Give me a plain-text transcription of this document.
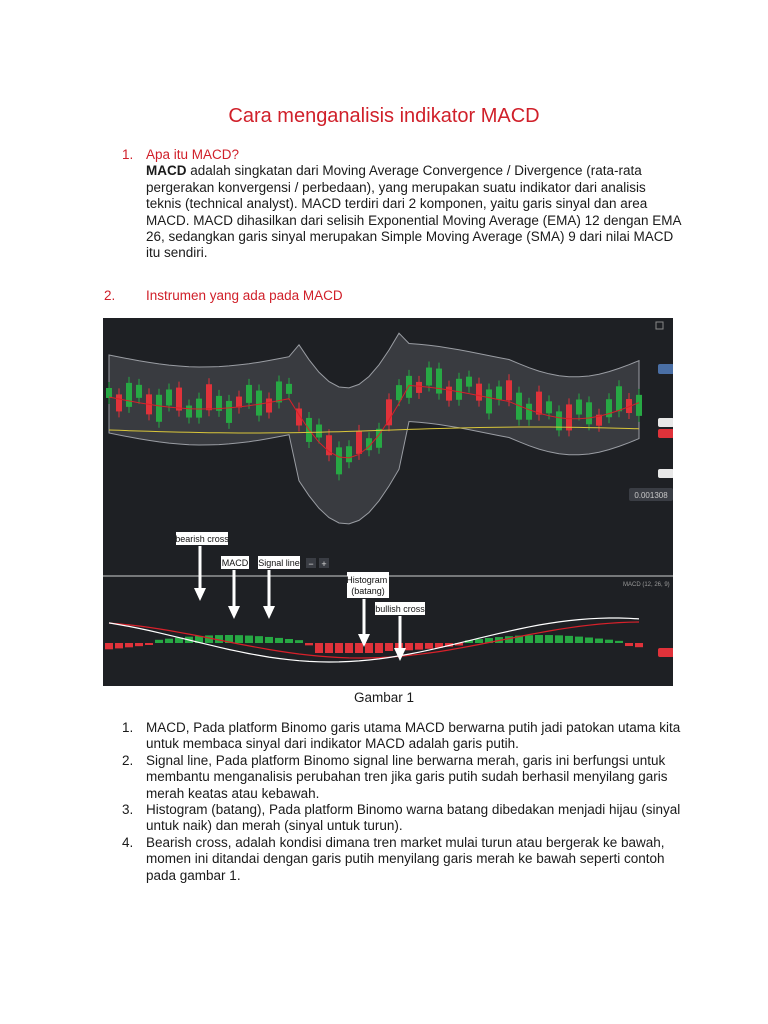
Cara menganalisis indikator MACD
1. Apa itu MACD?
MACD adalah singkatan dari Moving Average Convergence / Divergence (rata-rata pergerakan konvergensi / perbedaan), yang merupakan suatu indikator dari analisis teknis (technical analyst). MACD terdiri dari 2 komponen, yaitu garis sinyal dan area MACD. MACD dihasilkan dari selisih Exponential Moving Average (EMA) 12 dengan EMA 26, sedangkan garis sinyal merupakan Simple Moving Average (SMA) 9 dari nilai MACD itu sendiri.
2. Instrumen yang ada pada MACD
0.001308
− +
MACD (12, 26, 9)
bearish cross
MACD Signal line
Histogram (batang)
bullish cross
Gambar 1
1. MACD, Pada platform Binomo garis utama MACD berwarna putih jadi patokan utama kita untuk membaca sinyal dari indikator MACD adalah garis putih.
2. Signal line, Pada platform Binomo signal line berwarna merah, garis ini berfungsi untuk membantu menganalisis perubahan tren jika garis putih sudah berhasil menyilang garis merah keatas atau kebawah.
3. Histogram (batang), Pada platform Binomo warna batang dibedakan menjadi hijau (sinyal untuk naik) dan merah (sinyal untuk turun).
4. Bearish cross, adalah kondisi dimana tren market mulai turun atau bergerak ke bawah, momen ini ditandai dengan garis putih menyilang garis merah ke bawah seperti contoh pada gambar 1.
